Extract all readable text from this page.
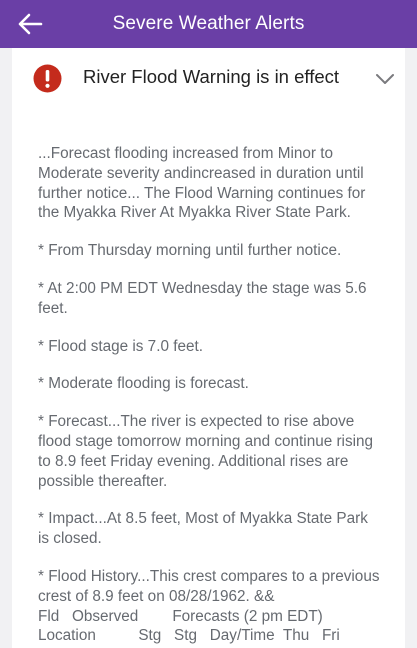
Severe Weather Alerts
River Flood Warning is in effect

...Forecast flooding increased from Minor to Moderate severity andincreased in duration until further notice... The Flood Warning continues for the Myakka River At Myakka River State Park.

* From Thursday morning until further notice.

* At 2:00 PM EDT Wednesday the stage was 5.6 feet.

* Flood stage is 7.0 feet.

* Moderate flooding is forecast.

* Forecast...The river is expected to rise above flood stage tomorrow morning and continue rising to 8.9 feet Friday evening. Additional rises are possible thereafter.

* Impact...At 8.5 feet, Most of Myakka State Park is closed.

* Flood History...This crest compares to a previous crest of 8.9 feet on 08/28/1962. &&

Fld   Observed        Forecasts (2 pm EDT)
Location          Stg   Stg   Day/Time  Thu   Fri
